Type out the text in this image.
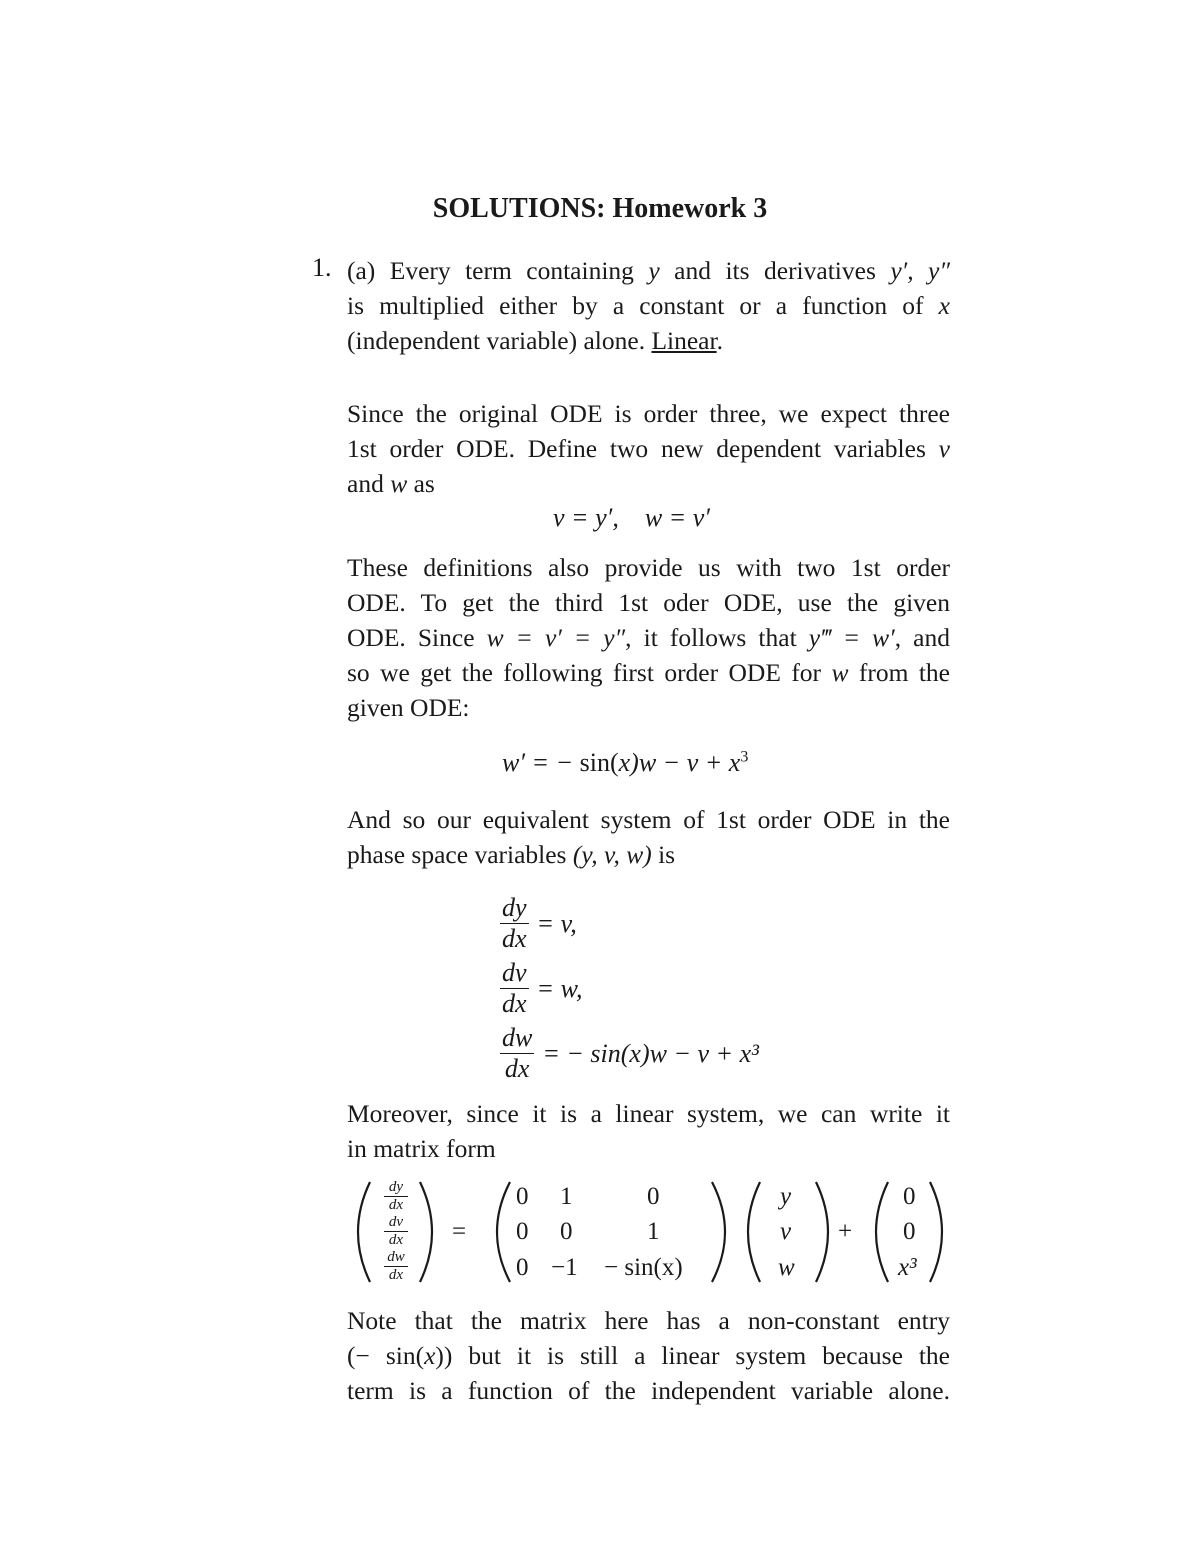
SOLUTIONS: Homework 3
1. (a) Every term containing y and its derivatives y′, y″
is multiplied either by a constant or a function of x
(independent variable) alone. Linear.
Since the original ODE is order three, we expect three
1st order ODE. Define two new dependent variables v
and w as
v = y′,    w = v′
These definitions also provide us with two 1st order
ODE. To get the third 1st oder ODE, use the given
ODE. Since w = v′ = y″, it follows that y‴ = w′, and
so we get the following first order ODE for w from the
given ODE:
w′ = − $\sin(x)w - v + x^3$
And so our equivalent system of 1st order ODE in the
phase space variables (y, v, w) is
$\frac{dy}{dx} = v$,
$\frac{dv}{dx} = w$,
$\frac{dw}{dx}$ = − sin(x)w − v + x³
Moreover, since it is a linear system, we can write it
in matrix form
dy
dx
dv
dx
dw
dx
=
0 1	0
0 0	1
0 −1 − sin(x)
y
v
w
+
0
0
x³
Note that the matrix here has a non-constant entry
(− sin(x)) but it is still a linear system because the
term is a function of the independent variable alone.
